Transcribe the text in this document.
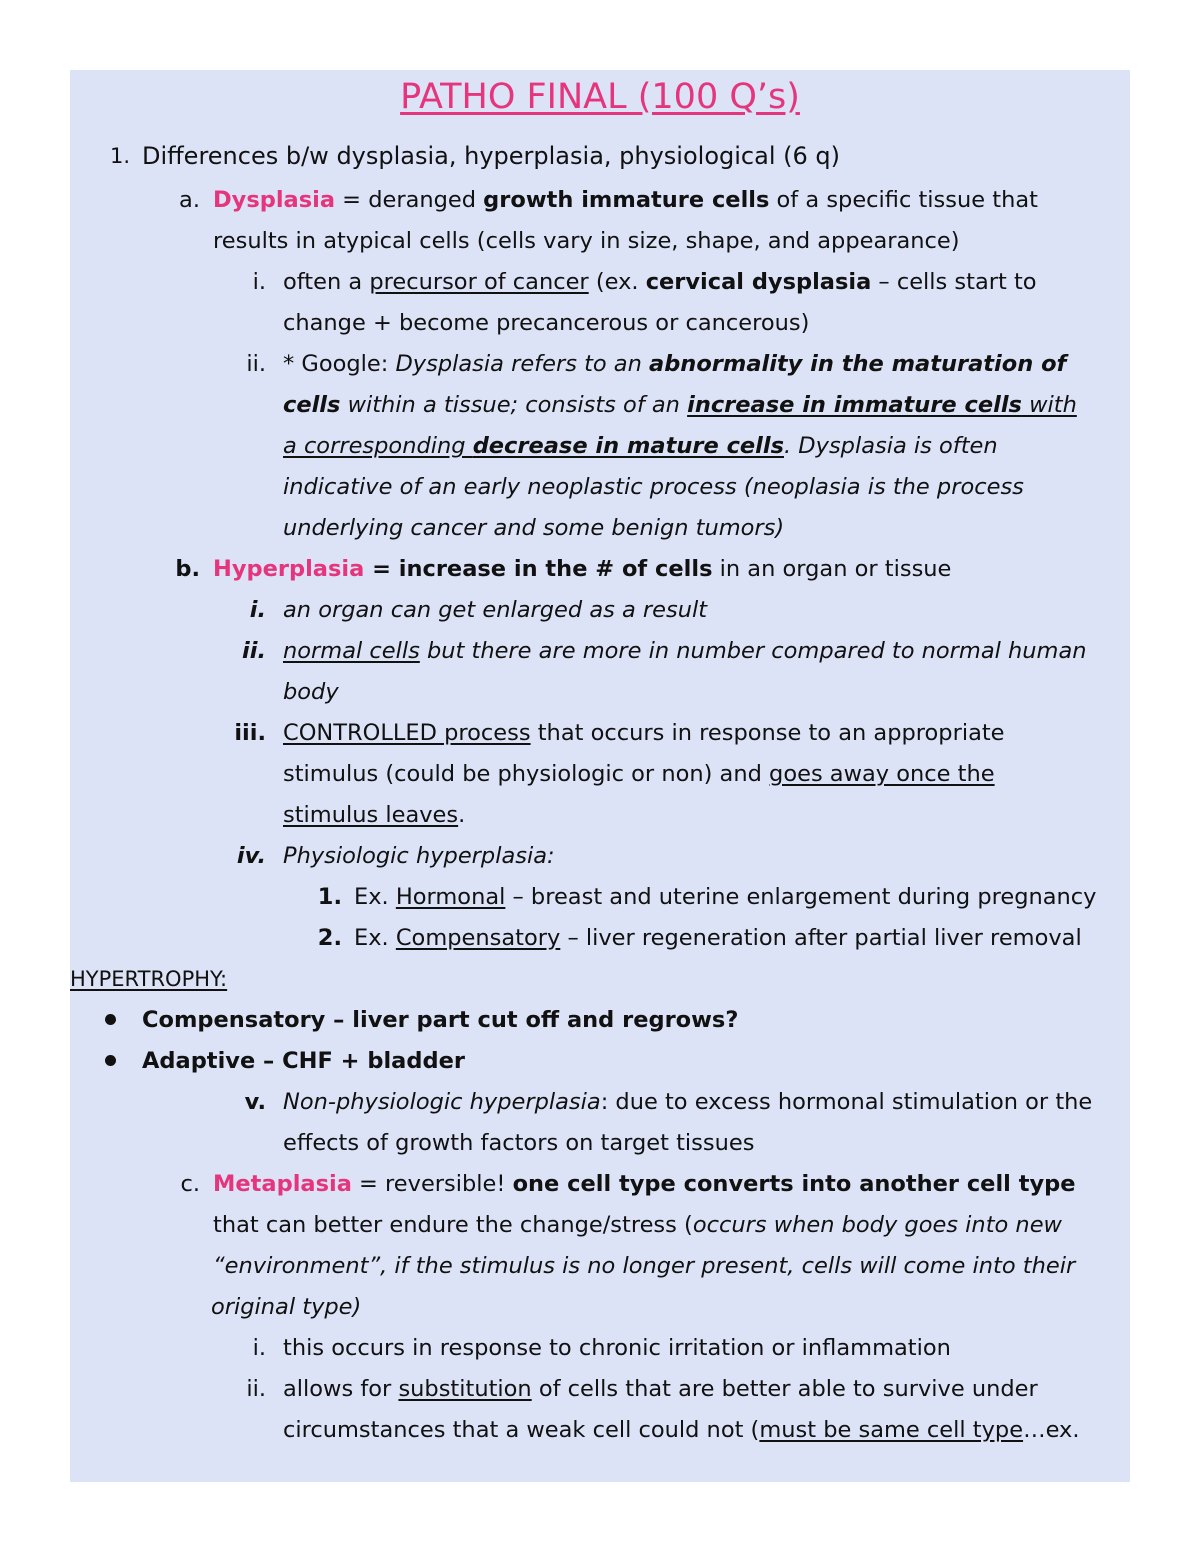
PATHO FINAL (100 Q’s)
1. Differences b/w dysplasia, hyperplasia, physiological (6 q)
a. Dysplasia = deranged growth immature cells of a specific tissue that
results in atypical cells (cells vary in size, shape, and appearance)
i. often a precursor of cancer (ex. cervical dysplasia – cells start to
change + become precancerous or cancerous)
ii. * Google: Dysplasia refers to an abnormality in the maturation of
cells within a tissue; consists of an increase in immature cells with
a corresponding decrease in mature cells. Dysplasia is often
indicative of an early neoplastic process (neoplasia is the process
underlying cancer and some benign tumors)
b. Hyperplasia = increase in the # of cells in an organ or tissue
i. an organ can get enlarged as a result
ii. normal cells but there are more in number compared to normal human
body
iii. CONTROLLED process that occurs in response to an appropriate
stimulus (could be physiologic or non) and goes away once the
stimulus leaves.
iv. Physiologic hyperplasia:
1. Ex. Hormonal – breast and uterine enlargement during pregnancy
2. Ex. Compensatory – liver regeneration after partial liver removal
HYPERTROPHY:
Compensatory – liver part cut off and regrows?
Adaptive – CHF + bladder
v. Non-physiologic hyperplasia: due to excess hormonal stimulation or the
effects of growth factors on target tissues
c. Metaplasia = reversible! one cell type converts into another cell type
that can better endure the change/stress (occurs when body goes into new
“environment”, if the stimulus is no longer present, cells will come into their
original type)
i. this occurs in response to chronic irritation or inflammation
ii. allows for substitution of cells that are better able to survive under
circumstances that a weak cell could not (must be same cell type…ex.
